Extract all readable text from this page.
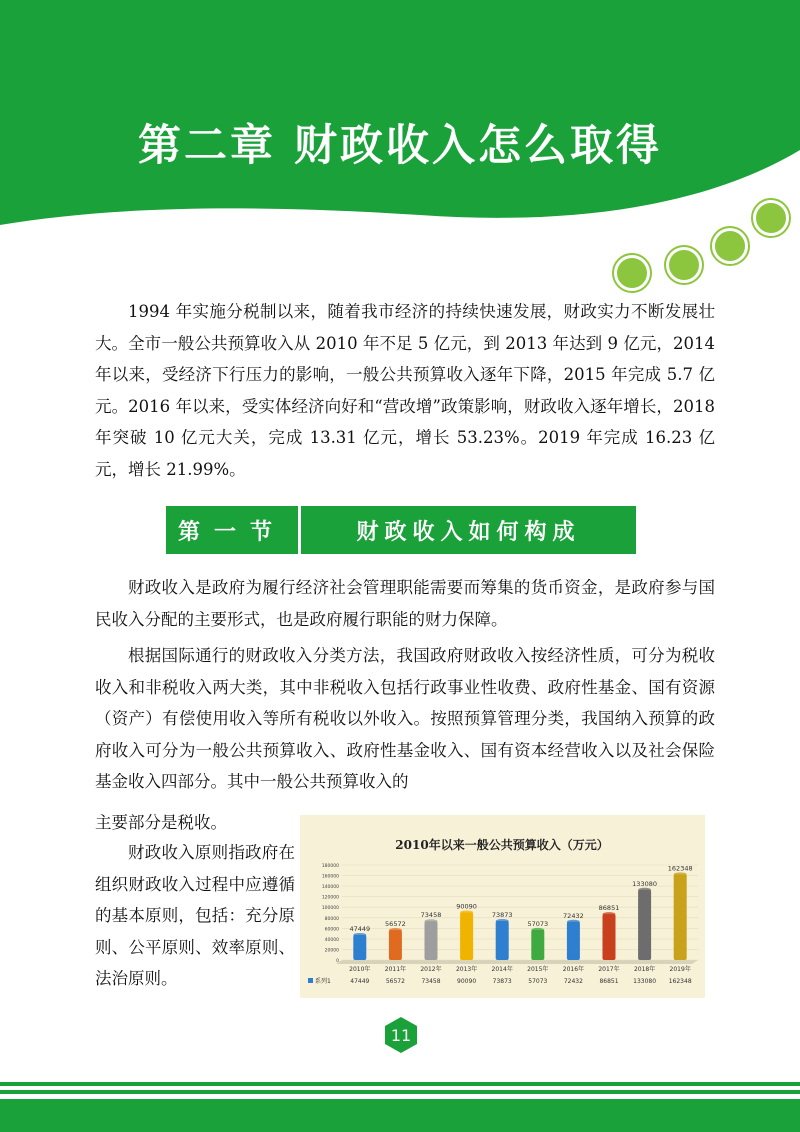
第二章 财政收入怎么取得

1994 年实施分税制以来，随着我市经济的持续快速发展，财政实力不断发展壮大。全市一般公共预算收入从 2010 年不足 5 亿元，到 2013 年达到 9 亿元，2014 年以来，受经济下行压力的影响，一般公共预算收入逐年下降，2015 年完成 5.7 亿元。2016 年以来，受实体经济向好和“营改增”政策影响，财政收入逐年增长，2018 年突破 10 亿元大关，完成 13.31 亿元，增长 53.23%。2019 年完成 16.23 亿元，增长 21.99%。

第一节	财政收入如何构成

财政收入是政府为履行经济社会管理职能需要而筹集的货币资金，是政府参与国民收入分配的主要形式，也是政府履行职能的财力保障。

根据国际通行的财政收入分类方法，我国政府财政收入按经济性质，可分为税收收入和非税收入两大类，其中非税收入包括行政事业性收费、政府性基金、国有资源（资产）有偿使用收入等所有税收以外收入。按照预算管理分类，我国纳入预算的政府收入可分为一般公共预算收入、政府性基金收入、国有资本经营收入以及社会保险基金收入四部分。其中一般公共预算收入的

主要部分是税收。

财政收入原则指政府在组织财政收入过程中应遵循的基本原则，包括：充分原则、公平原则、效率原则、法治原则。

2010年以来一般公共预算收入（万元）
0
20000
40000
60000
80000
100000
120000
140000
160000
180000
47449
2010年
47449
56572
2011年
56572
73458
2012年
73458
90090
2013年
90090
73873
2014年
73873
57073
2015年
57073
72432
2016年
72432
86851
2017年
86851
133080
2018年
133080
162348
2019年
162348
系列1
11
